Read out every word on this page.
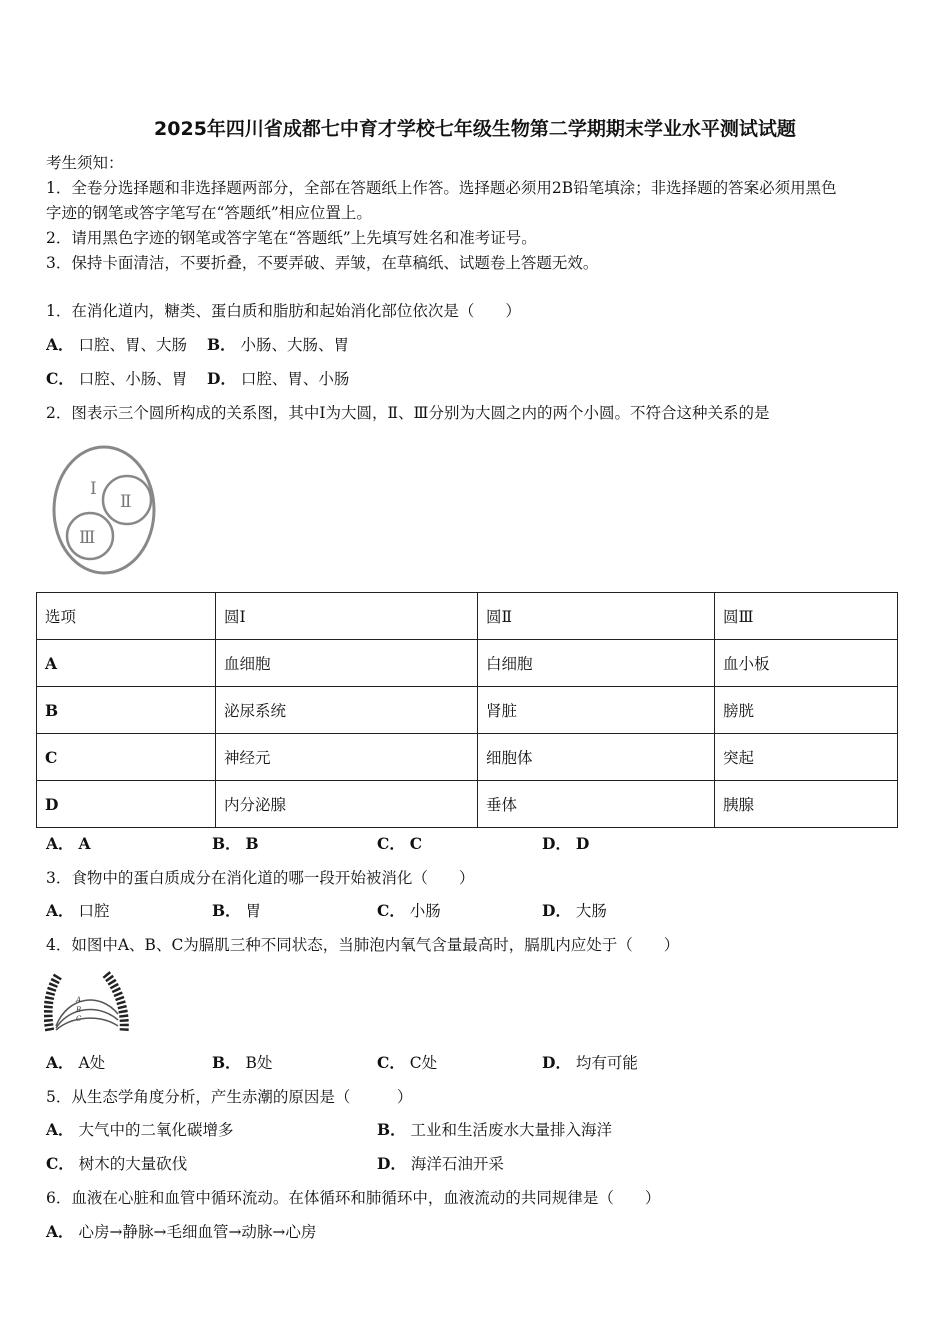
2025年四川省成都七中育才学校七年级生物第二学期期末学业水平测试试题
考生须知：
1．全卷分选择题和非选择题两部分，全部在答题纸上作答。选择题必须用2B铅笔填涂；非选择题的答案必须用黑色
字迹的钢笔或答字笔写在“答题纸”相应位置上。
2．请用黑色字迹的钢笔或答字笔在“答题纸”上先填写姓名和准考证号。
3．保持卡面清洁，不要折叠，不要弄破、弄皱，在草稿纸、试题卷上答题无效。
1．在消化道内，糖类、蛋白质和脂肪和起始消化部位依次是（　　）
A． 口腔、胃、大肠 B． 小肠、大肠、胃
C． 口腔、小肠、胃 D． 口腔、胃、小肠
2．图表示三个圆所构成的关系图，其中Ⅰ为大圆，Ⅱ、Ⅲ分别为大圆之内的两个小圆。不符合这种关系的是
Ⅰ
Ⅱ
Ⅲ
选项	圆Ⅰ	圆Ⅱ	圆Ⅲ
A	血细胞	白细胞	血小板
B	泌尿系统	肾脏	膀胱
C	神经元	细胞体	突起
D	内分泌腺	垂体	胰腺
A． A	B． B	C． C	D． D
3．食物中的蛋白质成分在消化道的哪一段开始被消化（　　）
A． 口腔	B． 胃	C． 小肠	D． 大肠
4．如图中A、B、C为膈肌三种不同状态，当肺泡内氧气含量最高时，膈肌内应处于（　　）
A
B
C
A． A处	B． B处	C． C处	D． 均有可能
5．从生态学角度分析，产生赤潮的原因是（　　　）
A． 大气中的二氧化碳增多	B． 工业和生活废水大量排入海洋
C． 树木的大量砍伐	D． 海洋石油开采
6．血液在心脏和血管中循环流动。在体循环和肺循环中，血液流动的共同规律是（　　）
A． 心房→静脉→毛细血管→动脉→心房
